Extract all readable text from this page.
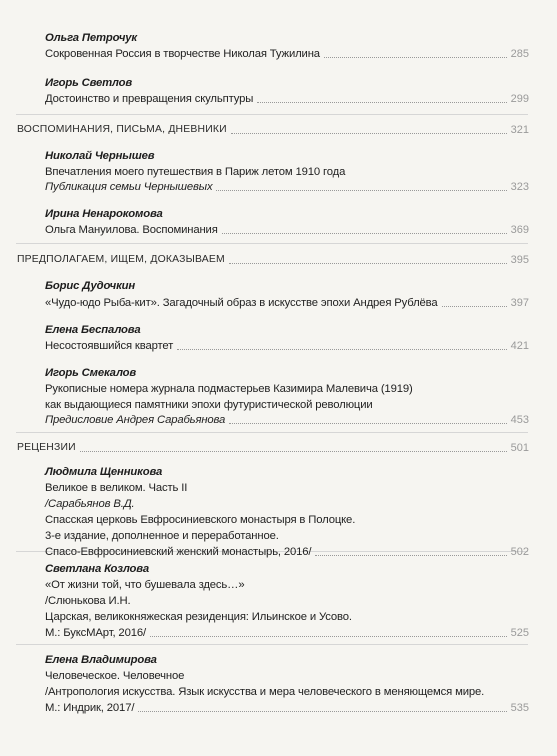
Ольга Петрочук
Сокровенная Россия в творчестве Николая Тужилина	285
Игорь Светлов
Достоинство и превращения скульптуры	299
ВОСПОМИНАНИЯ, ПИСЬМА, ДНЕВНИКИ	321
Николай Чернышев
Впечатления моего путешествия в Париж летом 1910 года
Публикация семьи Чернышевых	323
Ирина Ненарокомова
Ольга Мануилова. Воспоминания	369
ПРЕДПОЛАГАЕМ, ИЩЕМ, ДОКАЗЫВАЕМ	395
Борис Дудочкин
«Чудо-юдо Рыба-кит». Загадочный образ в искусстве эпохи Андрея Рублёва	397
Елена Беспалова
Несостоявшийся квартет	421
Игорь Смекалов
Рукописные номера журнала подмастерьев Казимира Малевича (1919)
как выдающиеся памятники эпохи футуристической революции
Предисловие Андрея Сарабьянова	453
РЕЦЕНЗИИ	501
Людмила Щенникова
Великое в великом. Часть II
/Сарабьянов В.Д.
Спасская церковь Евфросиниевского монастыря в Полоцке.
3-е издание, дополненное и переработанное.
Спасо-Евфросиниевский женский монастырь, 2016/	502
Светлана Козлова
«От жизни той, что бушевала здесь…»
/Слюнькова И.Н.
Царская, великокняжеская резиденция: Ильинское и Усово.
М.: БуксМАрт, 2016/	525
Елена Владимирова
Человеческое. Человечное
/Антропология искусства. Язык искусства и мера человеческого в меняющемся мире.
М.: Индрик, 2017/	535
